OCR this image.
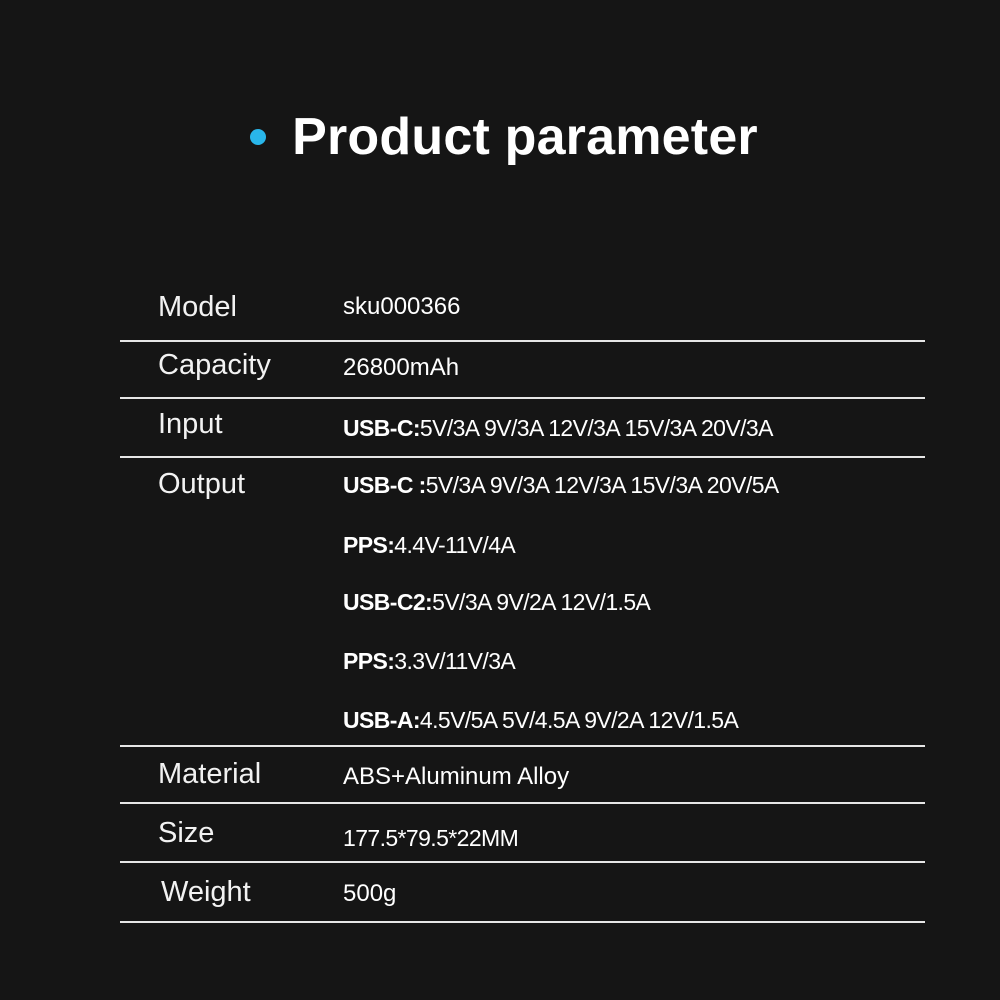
Product parameter
Model	sku000366
Capacity	26800mAh
Input	USB-C:5V/3A 9V/3A 12V/3A 15V/3A 20V/3A
Output	USB-C :5V/3A 9V/3A 12V/3A 15V/3A 20V/5A
PPS:4.4V-11V/4A
USB-C2:5V/3A 9V/2A 12V/1.5A
PPS:3.3V/11V/3A
USB-A:4.5V/5A 5V/4.5A 9V/2A 12V/1.5A
Material	ABS+Aluminum Alloy
Size	177.5*79.5*22MM
Weight	500g
